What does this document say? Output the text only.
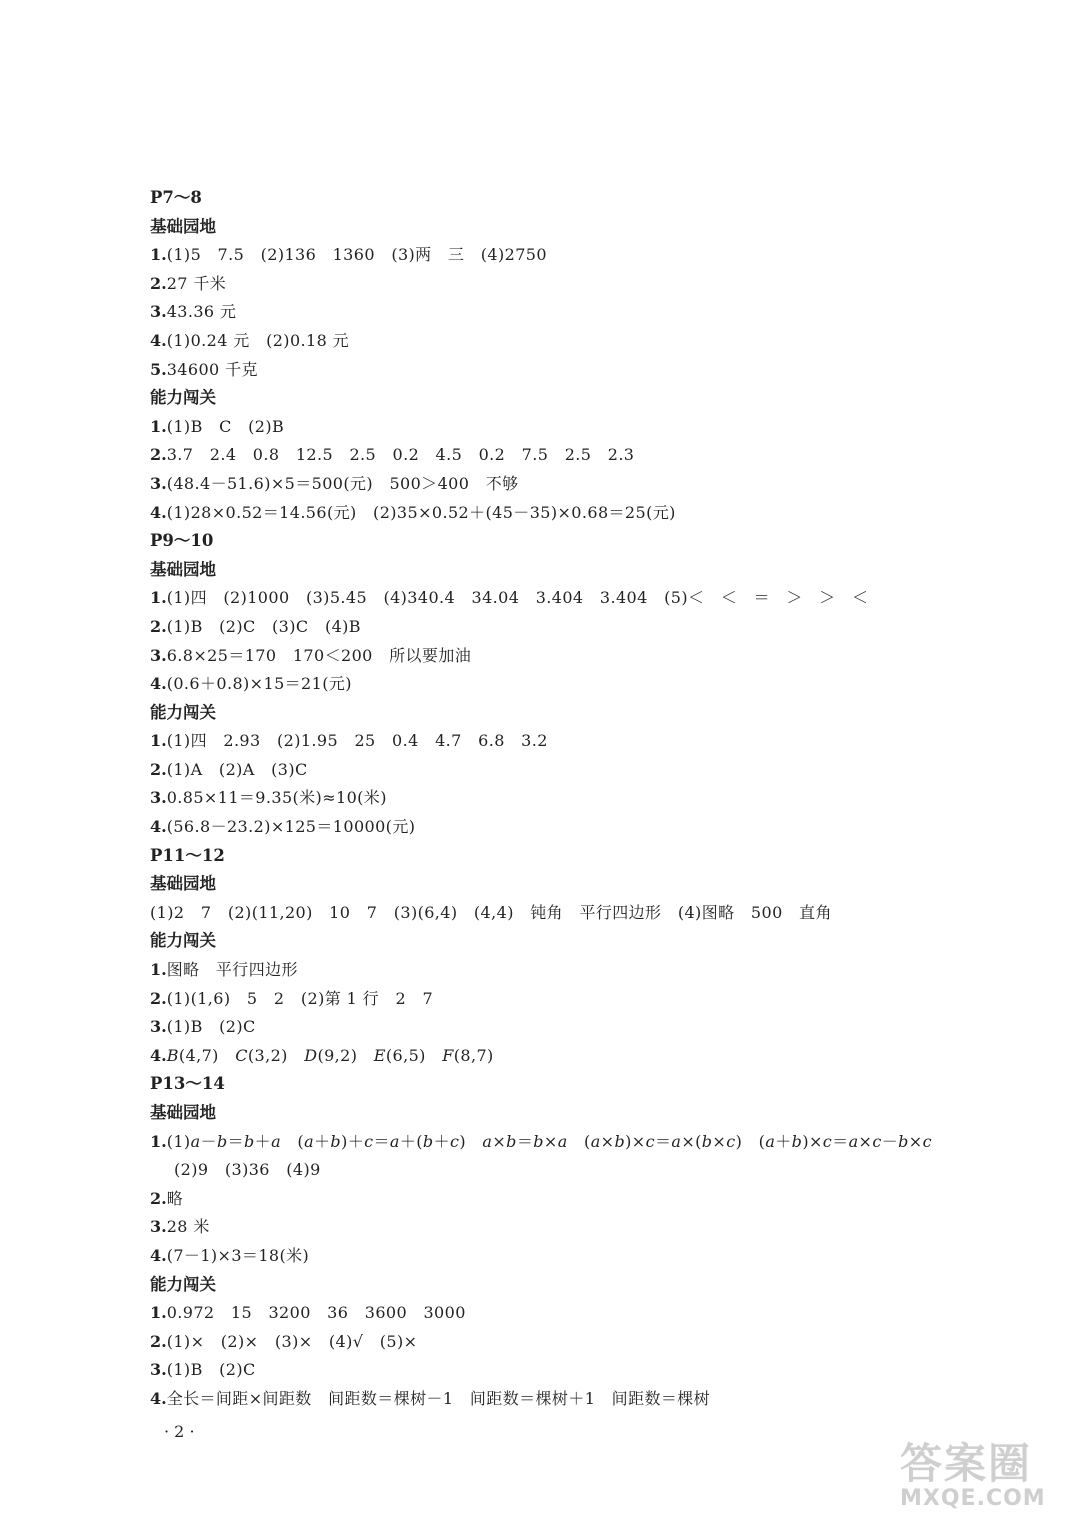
P7～8
基础园地
1.(1)5　7.5　(2)136　1360　(3)两　三　(4)2750
2.27 千米
3.43.36 元
4.(1)0.24 元　(2)0.18 元
5.34600 千克
能力闯关
1.(1)B　C　(2)B
2.3.7　2.4　0.8　12.5　2.5　0.2　4.5　0.2　7.5　2.5　2.3
3.(48.4－51.6)×5＝500(元)　500＞400　不够
4.(1)28×0.52＝14.56(元)　(2)35×0.52＋(45－35)×0.68＝25(元)
P9～10
基础园地
1.(1)四　(2)1000　(3)5.45　(4)340.4　34.04　3.404　3.404　(5)＜　＜　＝　＞　＞　＜
2.(1)B　(2)C　(3)C　(4)B
3.6.8×25＝170　170＜200　所以要加油
4.(0.6＋0.8)×15＝21(元)
能力闯关
1.(1)四　2.93　(2)1.95　25　0.4　4.7　6.8　3.2
2.(1)A　(2)A　(3)C
3.0.85×11＝9.35(米)≈10(米)
4.(56.8－23.2)×125＝10000(元)
P11～12
基础园地
(1)2　7　(2)(11,20)　10　7　(3)(6,4)　(4,4)　钝角　平行四边形　(4)图略　500　直角
能力闯关
1.图略　平行四边形
2.(1)(1,6)　5　2　(2)第 1 行　2　7
3.(1)B　(2)C
4.B(4,7)　C(3,2)　D(9,2)　E(6,5)　F(8,7)
P13～14
基础园地
1.(1)a－b＝b＋a　(a＋b)＋c＝a＋(b＋c)　 a×b＝b×a　(a×b)×c＝a×(b×c)　(a＋b)×c＝a×c－b×c
(2)9　(3)36　(4)9
2.略
3.28 米
4.(7－1)×3＝18(米)
能力闯关
1.0.972　15　3200　36　3600　3000
2.(1)×　(2)×　(3)×　(4)√　(5)×
3.(1)B　(2)C
4.全长＝间距×间距数　间距数＝棵树－1　间距数＝棵树＋1　间距数＝棵树
· 2 ·
答案圈
MXQE.COM
